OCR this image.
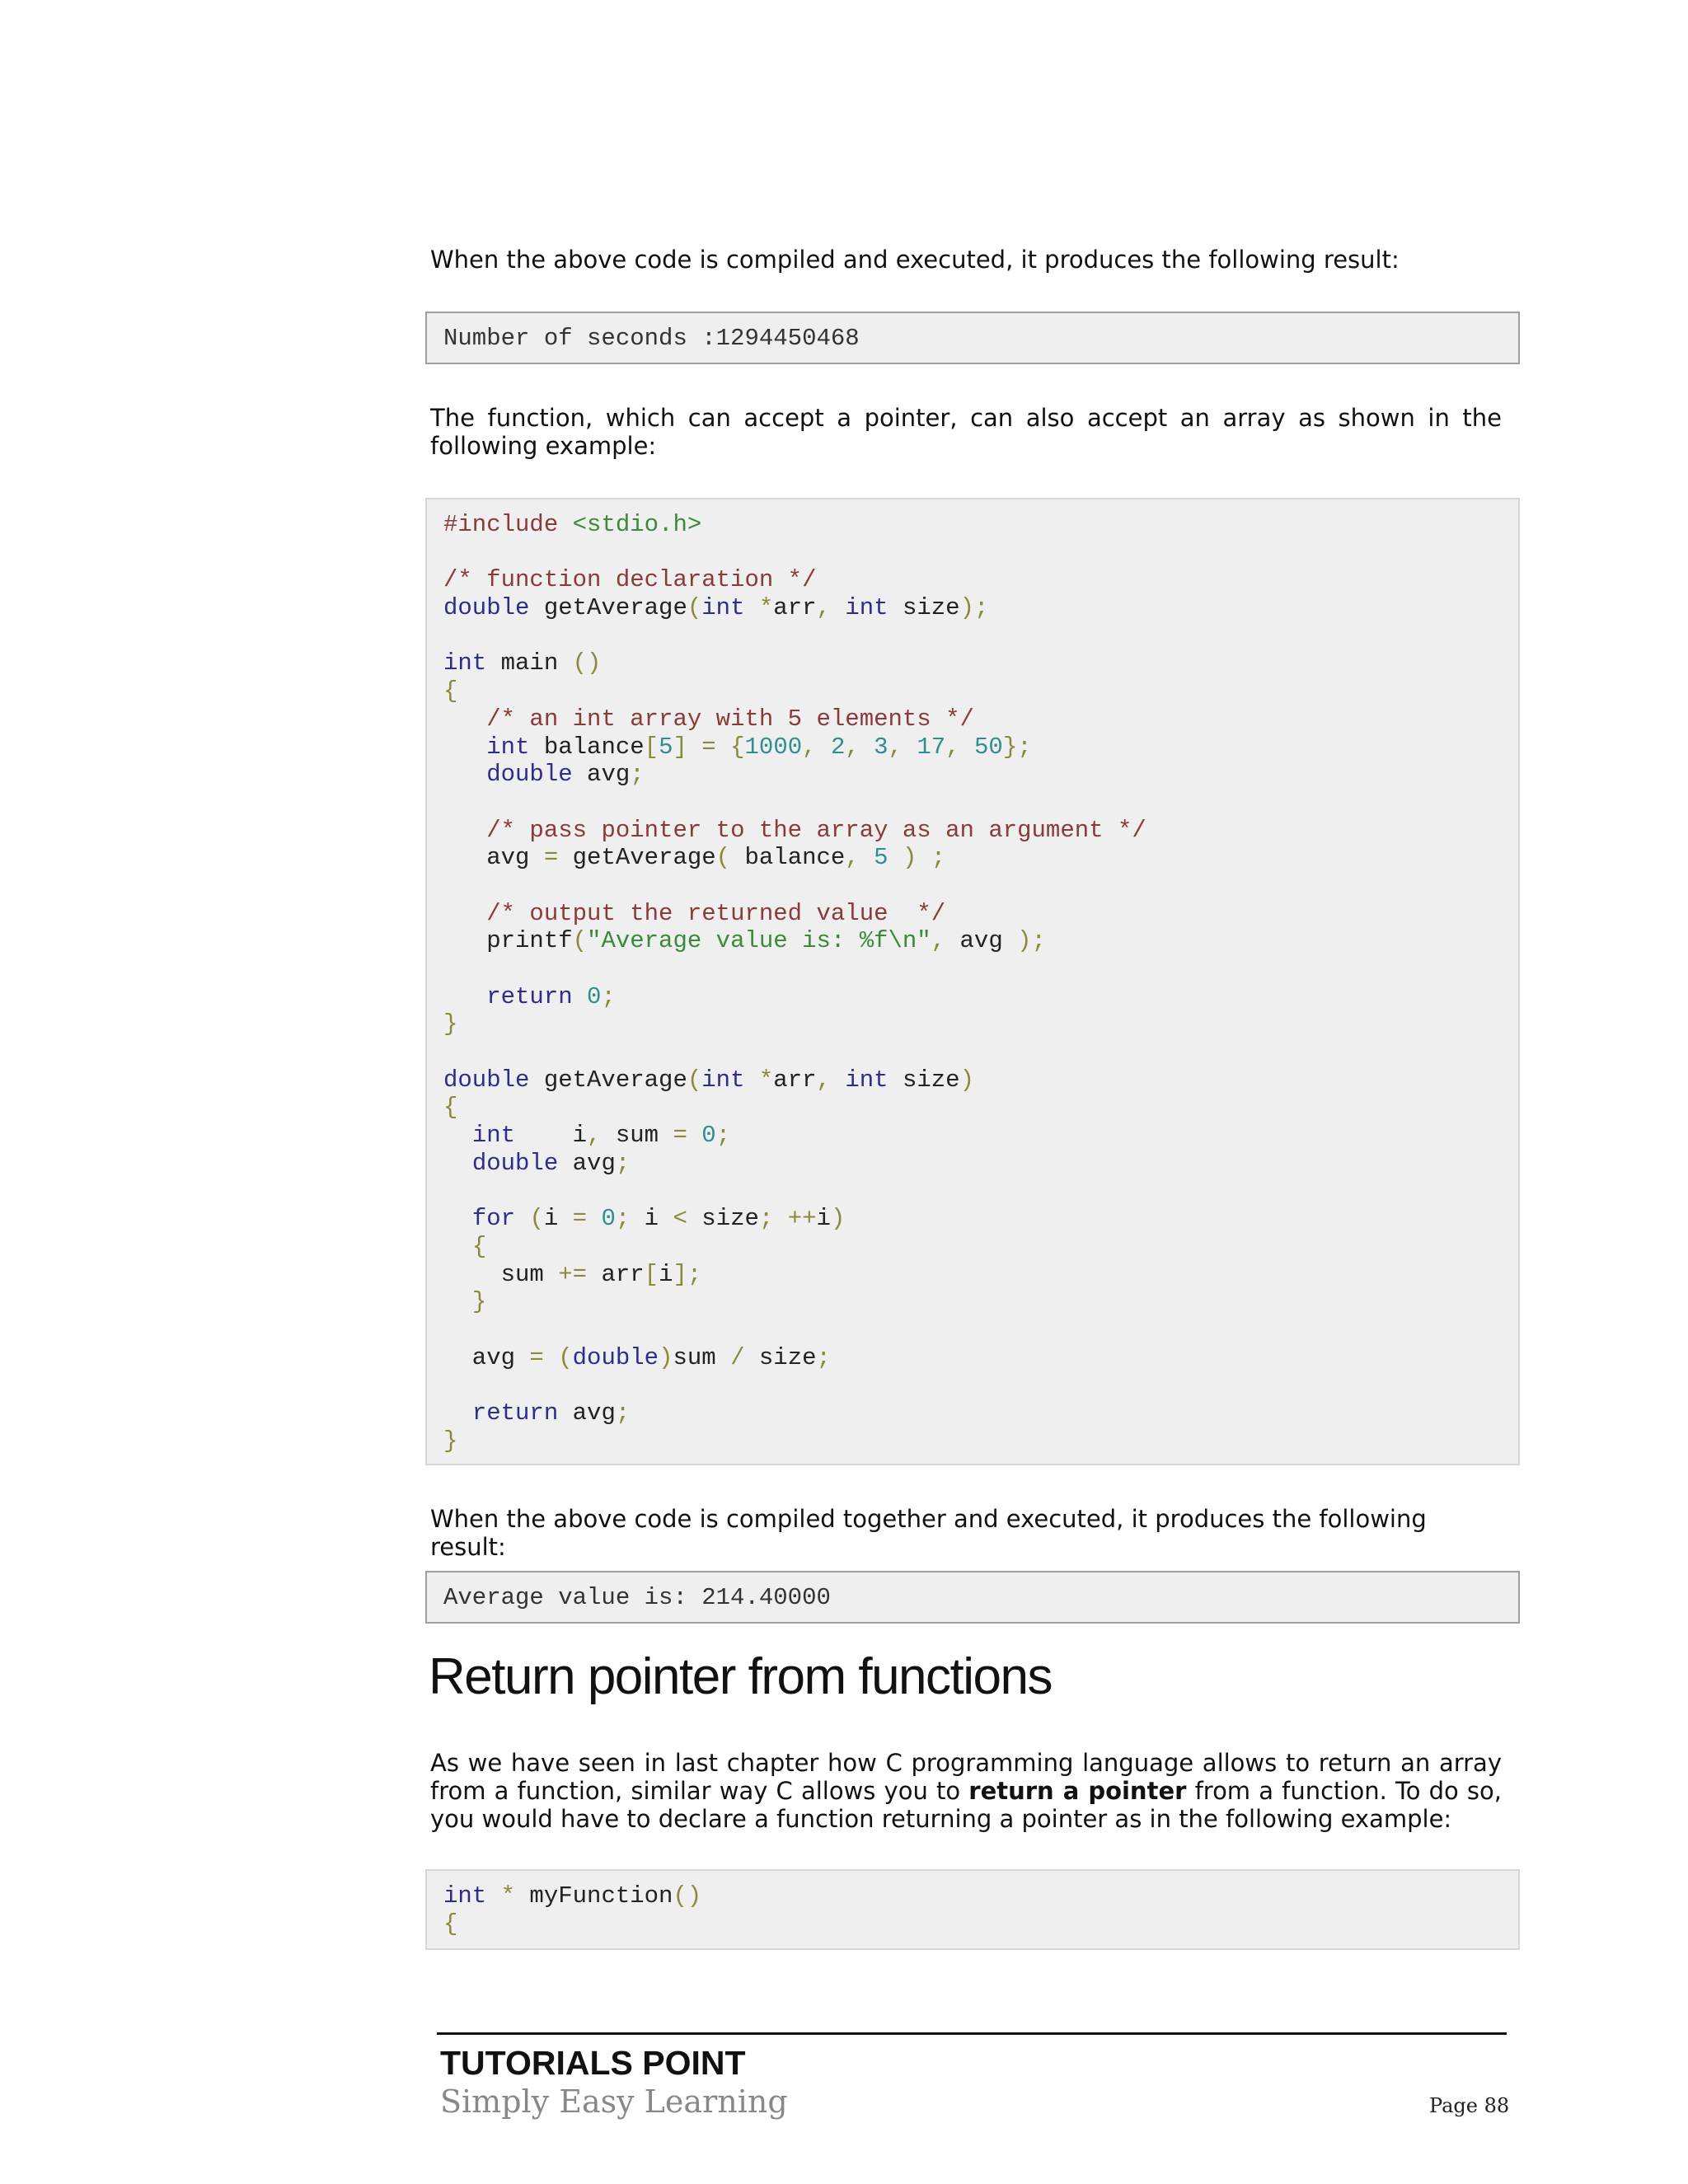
When the above code is compiled and executed, it produces the following result:

Number of seconds :1294450468

The function, which can accept a pointer, can also accept an array as shown in the following example:

#include <stdio.h>

/* function declaration */
double getAverage(int *arr, int size);

int main ()
{
/* an int array with 5 elements */
int balance[5] = {1000, 2, 3, 17, 50};
double avg;

/* pass pointer to the array as an argument */
avg = getAverage( balance, 5 ) ;

/* output the returned value  */
printf("Average value is: %f\n", avg );

return 0;
}

double getAverage(int *arr, int size)
{
int    i, sum = 0;
double avg;

for (i = 0; i < size; ++i)
{
sum += arr[i];
}

avg = (double)sum / size;

return avg;
}

When the above code is compiled together and executed, it produces the following result:

Average value is: 214.40000
Return pointer from functions

As we have seen in last chapter how C programming language allows to return an array from a function, similar way C allows you to return a pointer from a function. To do so, you would have to declare a function returning a pointer as in the following example:

int * myFunction()
{
TUTORIALS POINT
Simply Easy Learning	Page 88
